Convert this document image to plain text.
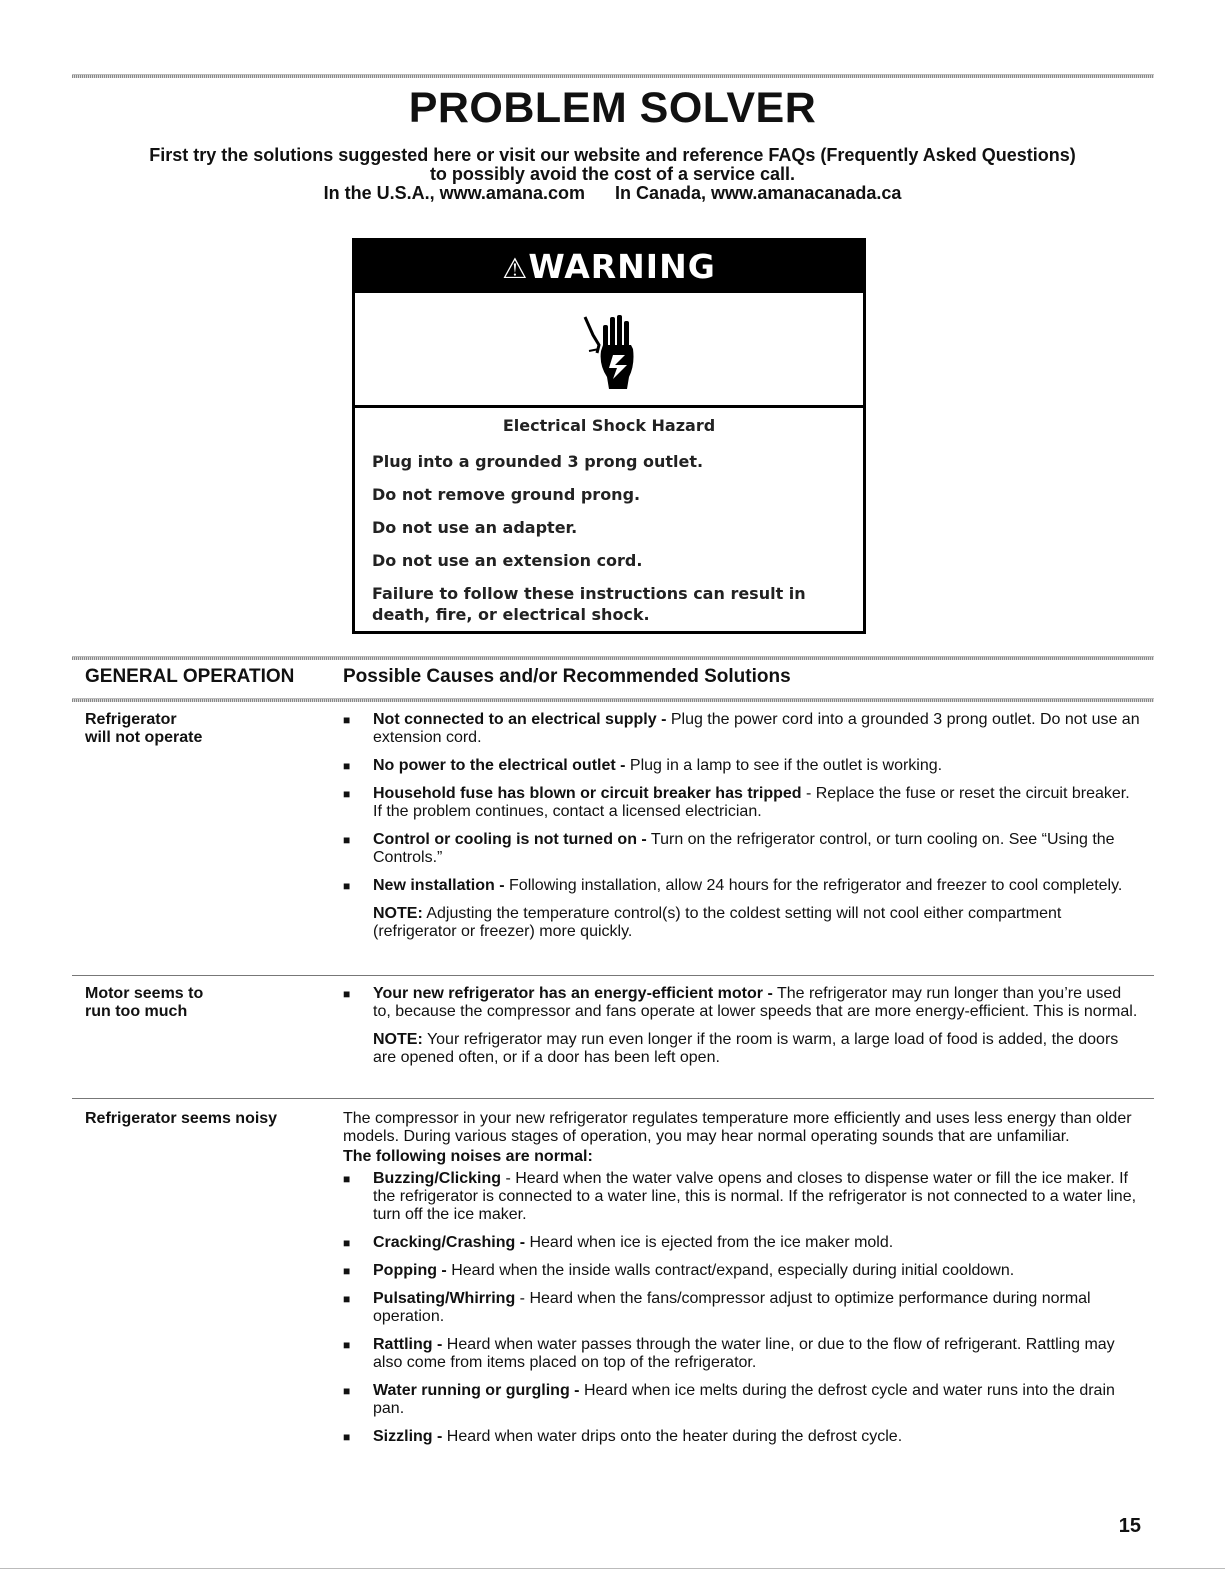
PROBLEM SOLVER
First try the solutions suggested here or visit our website and reference FAQs (Frequently Asked Questions)
to possibly avoid the cost of a service call.
In the U.S.A., www.amana.com In Canada, www.amanacanada.ca
⚠WARNING
Electrical Shock Hazard

Plug into a grounded 3 prong outlet.

Do not remove ground prong.

Do not use an adapter.

Do not use an extension cord.

Failure to follow these instructions can result in death, fire, or electrical shock.

GENERAL OPERATION	Possible Causes and/or Recommended Solutions
Refrigerator
will not operate
■ Not connected to an electrical supply - Plug the power cord into a grounded 3 prong outlet. Do not use an extension cord.
■ No power to the electrical outlet - Plug in a lamp to see if the outlet is working.
■ Household fuse has blown or circuit breaker has tripped - Replace the fuse or reset the circuit breaker. If the problem continues, contact a licensed electrician.
■ Control or cooling is not turned on - Turn on the refrigerator control, or turn cooling on. See “Using the Controls.”
■ New installation - Following installation, allow 24 hours for the refrigerator and freezer to cool completely.
NOTE: Adjusting the temperature control(s) to the coldest setting will not cool either compartment (refrigerator or freezer) more quickly.
Motor seems to
run too much
■ Your new refrigerator has an energy-efficient motor - The refrigerator may run longer than you’re used to, because the compressor and fans operate at lower speeds that are more energy-efficient. This is normal.
NOTE: Your refrigerator may run even longer if the room is warm, a large load of food is added, the doors are opened often, or if a door has been left open.
Refrigerator seems noisy	The compressor in your new refrigerator regulates temperature more efficiently and uses less energy than older models. During various stages of operation, you may hear normal operating sounds that are unfamiliar.
The following noises are normal:
■ Buzzing/Clicking - Heard when the water valve opens and closes to dispense water or fill the ice maker. If the refrigerator is connected to a water line, this is normal. If the refrigerator is not connected to a water line, turn off the ice maker.
■ Cracking/Crashing - Heard when ice is ejected from the ice maker mold.
■ Popping - Heard when the inside walls contract/expand, especially during initial cooldown.
■ Pulsating/Whirring - Heard when the fans/compressor adjust to optimize performance during normal operation.
■ Rattling - Heard when water passes through the water line, or due to the flow of refrigerant. Rattling may also come from items placed on top of the refrigerator.
■ Water running or gurgling - Heard when ice melts during the defrost cycle and water runs into the drain pan.
■ Sizzling - Heard when water drips onto the heater during the defrost cycle.
15
